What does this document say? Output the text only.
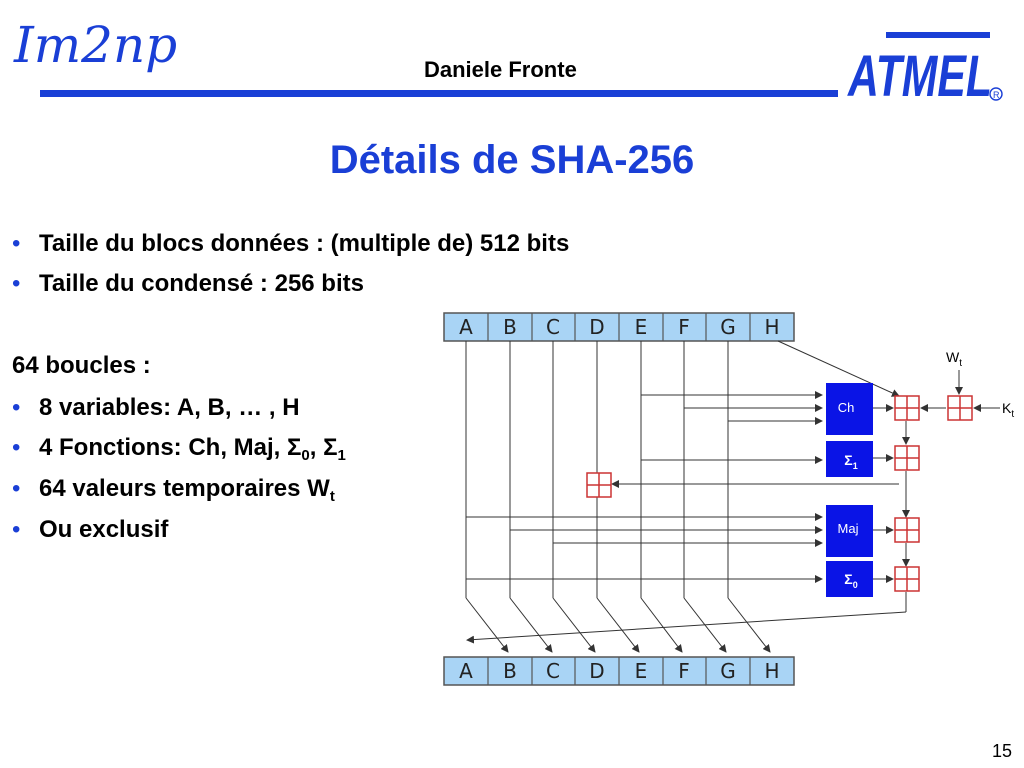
Im2np	Daniele Fronte	ATMEL R
Détails de SHA-256
• Taille du blocs données : (multiple de) 512 bits
• Taille du condensé : 256 bits
64 boucles :
• 8 variables: A, B, … , H
• 4 Fonctions: Ch, Maj, $\Sigma_0$, $\Sigma_1$
• 64 valeurs temporaires $W_t$
• Ou exclusif
A B C D E F G H
A B C D E F G H
Ch
$\Sigma_1$
Maj
$\Sigma_0$
$W_t$
$K_t$
15
